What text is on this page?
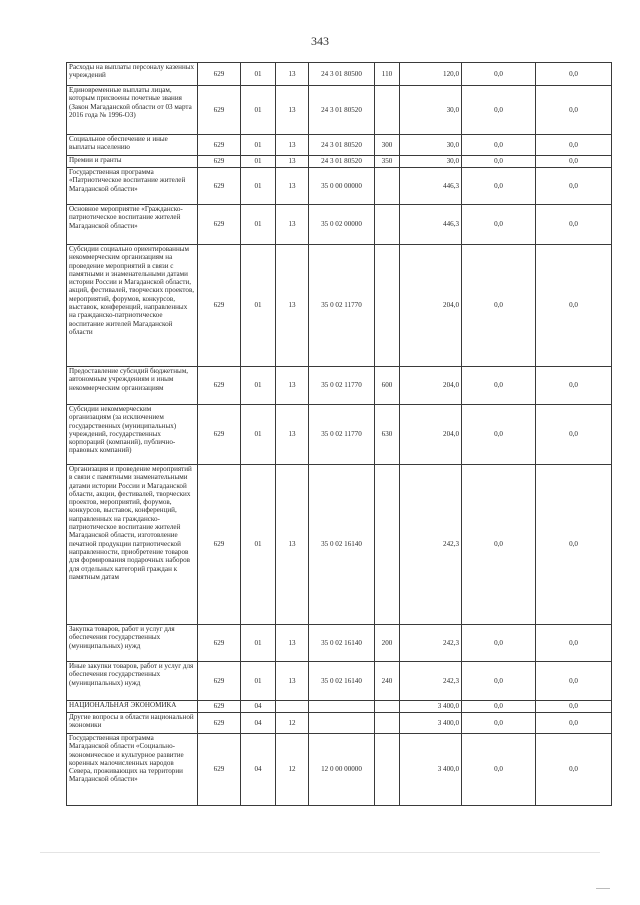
343
Расходы на выплаты персоналу казенных учреждений	629	01	13	24 3 01 80500	110	120,0	0,0	0,0
Единовременные выплаты лицам, которым присвоены почетные звания (Закон Магаданской области от 03 марта 2016 года № 1996-ОЗ)	629	01	13	24 3 01 80520		30,0	0,0	0,0
Социальное обеспечение и иные выплаты населению	629	01	13	24 3 01 80520	300	30,0	0,0	0,0
Премии и гранты	629	01	13	24 3 01 80520	350	30,0	0,0	0,0
Государственная программа «Патриотическое воспитание жителей Магаданской области»	629	01	13	35 0 00 00000		446,3	0,0	0,0
Основное мероприятие «Гражданско-патриотическое воспитание жителей Магаданской области»	629	01	13	35 0 02 00000		446,3	0,0	0,0
Субсидии социально ориентированным некоммерческим организациям на проведение мероприятий в связи с памятными и знаменательными датами истории России и Магаданской области, акций, фестивалей, творческих проектов, мероприятий, форумов, конкурсов, выставок, конференций, направленных на гражданско-патриотическое воспитание жителей Магаданской области	629	01	13	35 0 02 11770		204,0	0,0	0,0
Предоставление субсидий бюджетным, автономным учреждениям и иным некоммерческим организациям	629	01	13	35 0 02 11770	600	204,0	0,0	0,0
Субсидии некоммерческим организациям (за исключением государственных (муниципальных) учреждений, государственных корпораций (компаний), публично-правовых компаний)	629	01	13	35 0 02 11770	630	204,0	0,0	0,0
Организация и проведение мероприятий в связи с памятными знаменательными датами истории России и Магаданской области, акции, фестивалей, творческих проектов, мероприятий, форумов, конкурсов, выставок, конференций, направленных на гражданско-патриотическое воспитание жителей Магаданской области, изготовление печатной продукции патриотической направленности, приобретение товаров для формирования подарочных наборов для отдельных категорий граждан к памятным датам	629	01	13	35 0 02 16140		242,3	0,0	0,0
Закупка товаров, работ и услуг для обеспечения государственных (муниципальных) нужд	629	01	13	35 0 02 16140	200	242,3	0,0	0,0
Иные закупки товаров, работ и услуг для обеспечения государственных (муниципальных) нужд	629	01	13	35 0 02 16140	240	242,3	0,0	0,0
НАЦИОНАЛЬНАЯ ЭКОНОМИКА	629	04				3 400,0	0,0	0,0
Другие вопросы в области национальной экономики	629	04	12			3 400,0	0,0	0,0
Государственная программа Магаданской области «Социально-экономическое и культурное развитие коренных малочисленных народов Севера, проживающих на территории Магаданской области»	629	04	12	12 0 00 00000		3 400,0	0,0	0,0
